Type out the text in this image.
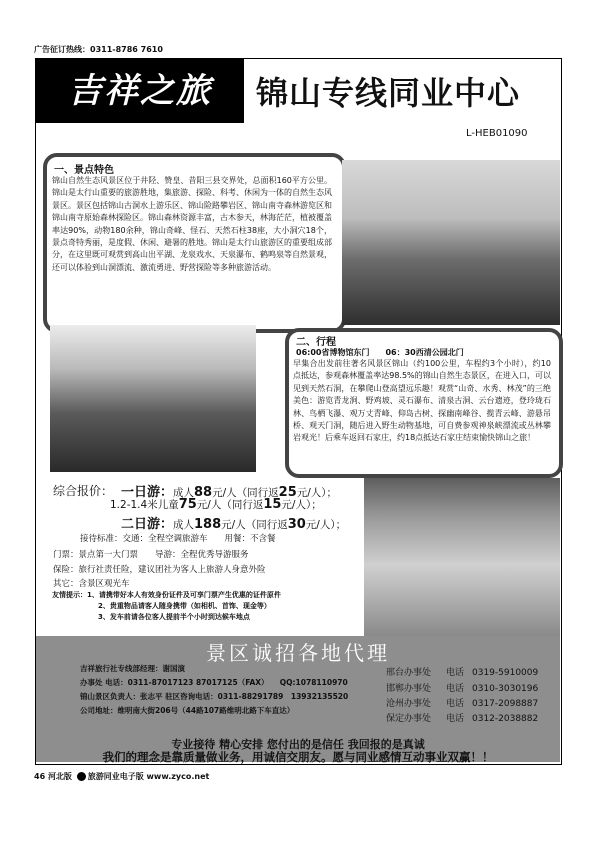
广告征订热线：0311-8786 7610
吉祥之旅	锦山专线同业中心
L-HEB01090
一、景点特色
锦山自然生态风景区位于井陉、赞皇、昔阳三县交界处，总面积160平方公里。锦山是太行山重要的旅游胜地，集旅游、探险、科考、休闲为一体的自然生态风景区。景区包括锦山古洞水上游乐区、锦山险路攀岩区、锦山南寺森林游览区和锦山南寺原始森林探险区。锦山森林资源丰富，古木参天，林海茫茫，植被覆盖率达90%，动物180余种，锦山奇峰、怪石、天然石柱38座，大小洞穴18个，景点奇特秀丽，是度假、休闲、避暑的胜地。锦山是太行山旅游区的重要组成部分，在这里既可观赏到高山出平湖、龙泉戏水、天泉瀑布、鹤鸣泉等自然景观，还可以体验到山洞漂流、激流勇进、野营探险等多种旅游活动。
二、行程
06:00省博物馆东门　　06：30西清公园北门
早集合出发前往著名风景区锦山（约100公里，车程约3个小时），约10点抵达，参观森林覆盖率达98.5%的锦山自然生态景区，在进入口，可以见到天然石洞，在攀爬山登高望远乐趣！观赏“山奇、水秀、林茂”的三绝美色：游览青龙涧、野鸡坡、灵石瀑布、清泉古洞、云台遗迹，登玲珑石林、鸟栖飞瀑、观万丈青峰、仰岛古树、探幽南峰谷、揽青云峰、游悬吊桥、观天门洞，随后进入野生动物基地，可自费参观神泉峡漂流或丛林攀岩观光！后乘车返回石家庄，约18点抵达石家庄结束愉快锦山之旅！
综合报价： 一日游：成人88元/人（同行返25元/人）；
1.2-1.4米儿童75元/人（同行返15元/人）；
二日游：成人188元/人（同行返30元/人）；
接待标准：交通：全程空调旅游车　　用餐：不含餐
门票：景点第一大门票　　导游：全程优秀导游服务
保险：旅行社责任险，建议团社为客人上旅游人身意外险
其它：含景区观光车
友情提示：1、请携带好本人有效身份证件及可享门票产生优惠的证件原件
2、贵重物品请客人随身携带（如相机、首饰、现金等）
3、发车前请各位客人提前半个小时到达候车地点
景区诚招各地代理
吉祥旅行社专线部经理：谢国演
办事处 电话：0311-87017123 87017125（FAX）　　QQ:1078110970
锦山景区负责人：张志平 驻区咨询电话：0311-88291789　13932135520
公司地址：维明南大街206号（44路107路维明北路下车直达）
邢台办事处 电话 0319-5910009
邯郸办事处 电话 0310-3030196
沧州办事处 电话 0317-2098887
保定办事处 电话 0312-2038882
专业接待 精心安排 您付出的是信任 我回报的是真诚
我们的理念是靠质量做业务，用诚信交朋友。愿与同业感情互动事业双赢！！
46 河北版 旅游同业电子版 www.zyco.net
